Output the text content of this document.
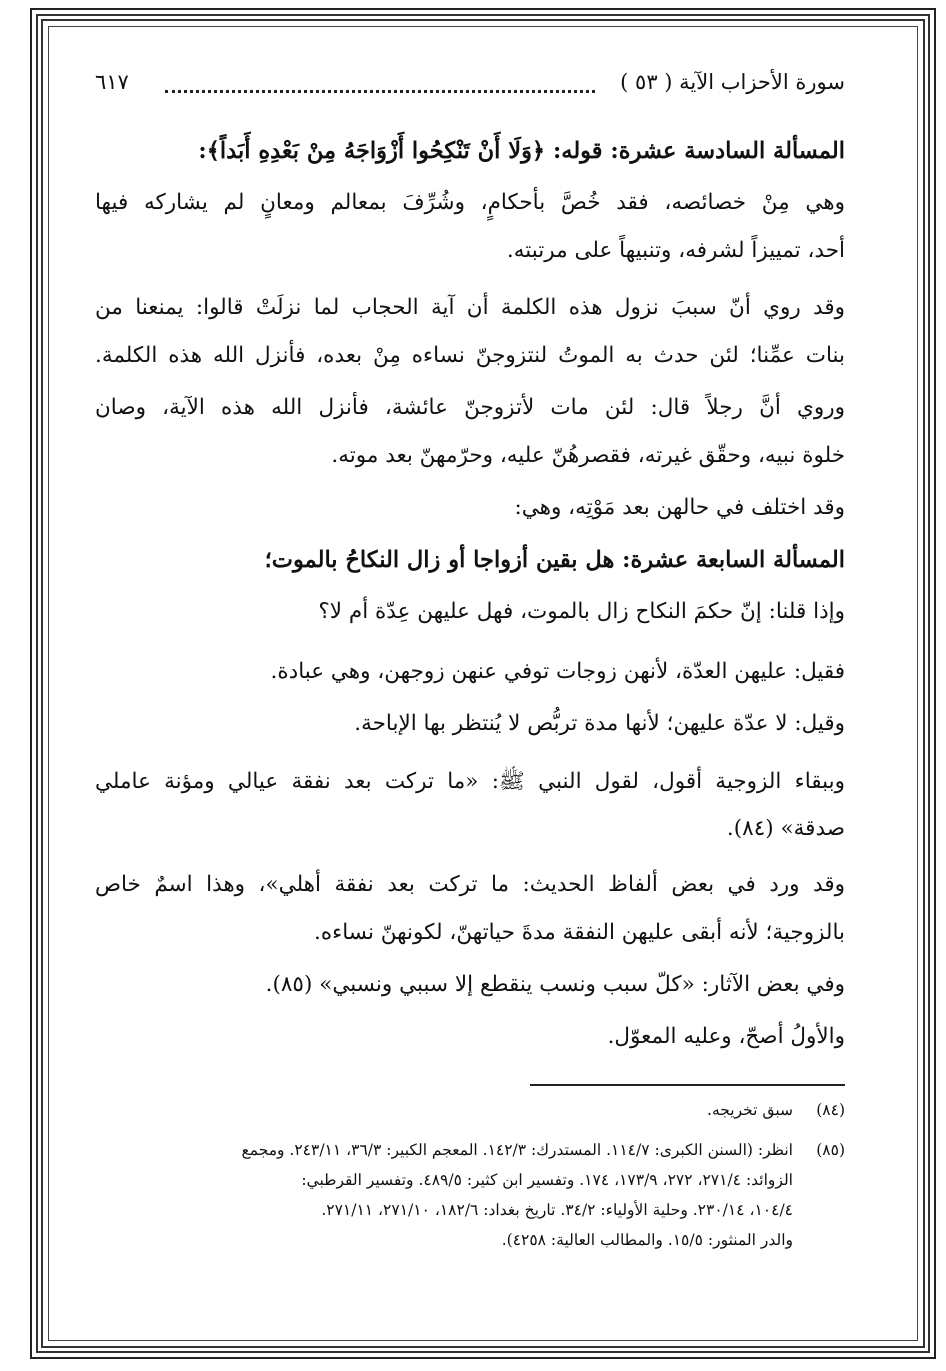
سورة الأحزاب الآية ( ٥٣ )
٦١٧
المسألة السادسة عشرة: قوله: ﴿وَلَا أَنْ تَنْكِحُوا أَزْوَاجَهُ مِنْ بَعْدِهِ أَبَداً﴾:
وهي مِنْ خصائصه، فقد خُصَّ بأحكامٍ، وشُرِّفَ بمعالم ومعانٍ لم يشاركه فيها
أحد، تمييزاً لشرفه، وتنبيهاً على مرتبته.
وقد روي أنّ سببَ نزول هذه الكلمة أن آية الحجاب لما نزلَتْ قالوا: يمنعنا من
بنات عمِّنا؛ لئن حدث به الموتُ لنتزوجنّ نساءه مِنْ بعده، فأنزل الله هذه الكلمة.
وروي أنَّ رجلاً قال: لئن مات لأتزوجنّ عائشة، فأنزل الله هذه الآية، وصان
خلوة نبيه، وحقّق غيرته، فقصرهُنّ عليه، وحرّمهنّ بعد موته.
وقد اختلف في حالهن بعد مَوْتِه، وهي:
المسألة السابعة عشرة: هل بقين أزواجا أو زال النكاحُ بالموت؛
وإذا قلنا: إنّ حكمَ النكاح زال بالموت، فهل عليهن عِدّة أم لا؟
فقيل: عليهن العدّة، لأنهن زوجات توفي عنهن زوجهن، وهي عبادة.
وقيل: لا عدّة عليهن؛ لأنها مدة تربُّص لا يُنتظر بها الإباحة.
وببقاء الزوجية أقول، لقول النبي ﷺ: «ما تركت بعد نفقة عيالي ومؤنة عاملي
صدقة» (٨٤).
وقد ورد في بعض ألفاظ الحديث: ما تركت بعد نفقة أهلي»، وهذا اسمٌ خاص
بالزوجية؛ لأنه أبقى عليهن النفقة مدةَ حياتهنّ، لكونهنّ نساءه.
وفي بعض الآثار: «كلّ سبب ونسب ينقطع إلا سببي ونسبي» (٨٥).
والأولُ أصحّ، وعليه المعوّل.
(٨٤)سبق تخريجه.
(٨٥)انظر: (السنن الكبرى: ١١٤/٧. المستدرك: ١٤٢/٣. المعجم الكبير: ٣٦/٣، ٢٤٣/١١. ومجمع
الزوائد: ٢٧١/٤، ٢٧٢، ١٧٣/٩، ١٧٤. وتفسير ابن كثير: ٤٨٩/٥. وتفسير القرطبي:
١٠٤/٤، ٢٣٠/١٤. وحلية الأولياء: ٣٤/٢. تاريخ بغداد: ١٨٢/٦، ٢٧١/١٠، ٢٧١/١١.
والدر المنثور: ١٥/٥. والمطالب العالية: ٤٢٥٨).
